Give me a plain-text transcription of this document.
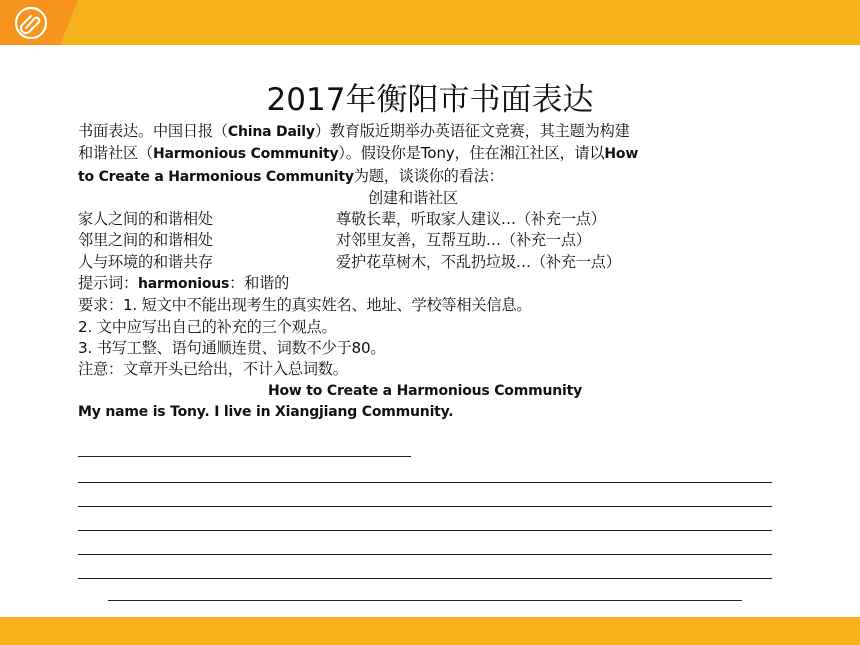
2017年衡阳市书面表达

书面表达。中国日报（China Daily）教育版近期举办英语征文竞赛，其主题为构建

和谐社区（Harmonious Community）。假设你是Tony，住在湘江社区，请以How

to Create a Harmonious Community为题，谈谈你的看法：

创建和谐社区

家人之间的和谐相处	尊敬长辈，听取家人建议…（补充一点）
邻里之间的和谐相处	对邻里友善，互帮互助…（补充一点）
人与环境的和谐共存	爱护花草树木，不乱扔垃圾…（补充一点）

提示词：harmonious：和谐的

要求：1. 短文中不能出现考生的真实姓名、地址、学校等相关信息。

2. 文中应写出自己的补充的三个观点。

3. 书写工整、语句通顺连贯、词数不少于80。

注意：文章开头已给出，不计入总词数。

How to Create a Harmonious Community

My name is Tony. I live in Xiangjiang Community.
